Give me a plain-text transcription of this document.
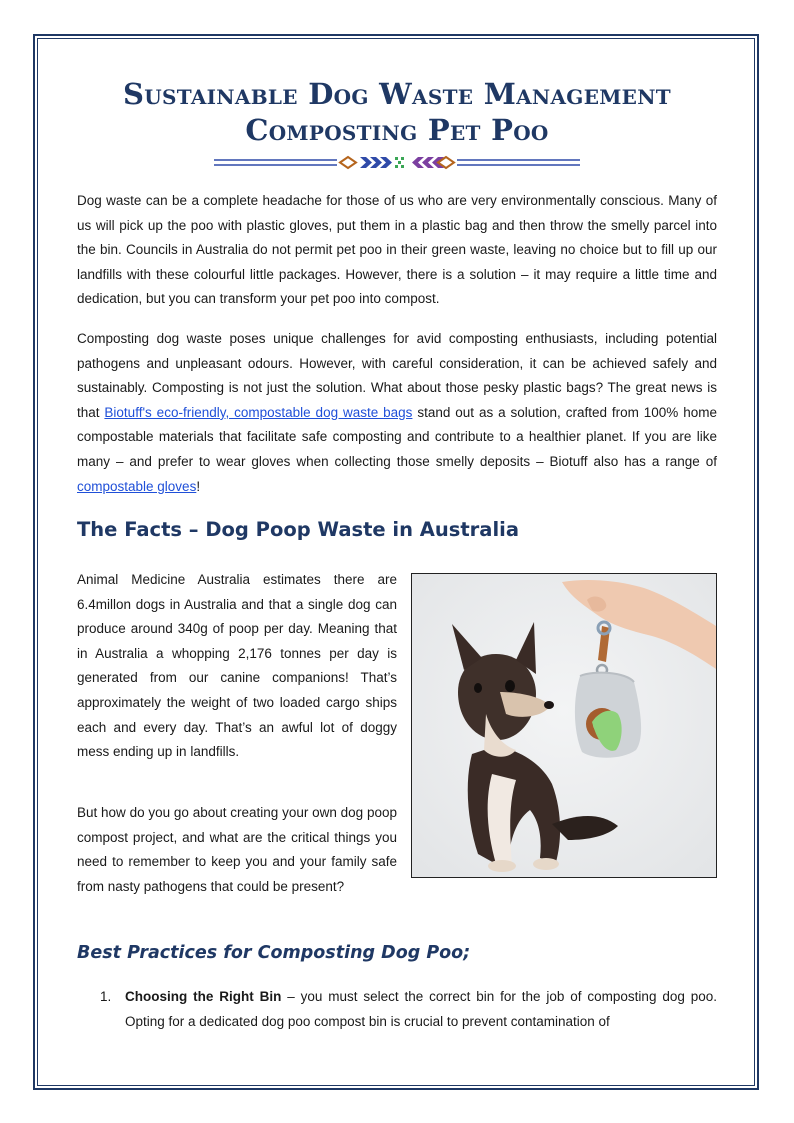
Sustainable Dog Waste Management
Composting Pet Poo

Dog waste can be a complete headache for those of us who are very environmentally conscious. Many of us will pick up the poo with plastic gloves, put them in a plastic bag and then throw the smelly parcel into the bin. Councils in Australia do not permit pet poo in their green waste, leaving no choice but to fill up our landfills with these colourful little packages. However, there is a solution – it may require a little time and dedication, but you can transform your pet poo into compost.

Composting dog waste poses unique challenges for avid composting enthusiasts, including potential pathogens and unpleasant odours. However, with careful consideration, it can be achieved safely and sustainably. Composting is not just the solution. What about those pesky plastic bags? The great news is that Biotuff's eco-friendly, compostable dog waste bags stand out as a solution, crafted from 100% home compostable materials that facilitate safe composting and contribute to a healthier planet. If you are like many – and prefer to wear gloves when collecting those smelly deposits – Biotuff also has a range of compostable gloves!

The Facts – Dog Poop Waste in Australia

Animal Medicine Australia estimates there are 6.4millon dogs in Australia and that a single dog can produce around 340g of poop per day. Meaning that in Australia a whopping 2,176 tonnes per day is generated from our canine companions! That’s approximately the weight of two loaded cargo ships each and every day. That’s an awful lot of doggy mess ending up in landfills.

But how do you go about creating your own dog poop compost project, and what are the critical things you need to remember to keep you and your family safe from nasty pathogens that could be present?

Best Practices for Composting Dog Poo;
1. Choosing the Right Bin – you must select the correct bin for the job of composting dog poo. Opting for a dedicated dog poo compost bin is crucial to prevent contamination of
